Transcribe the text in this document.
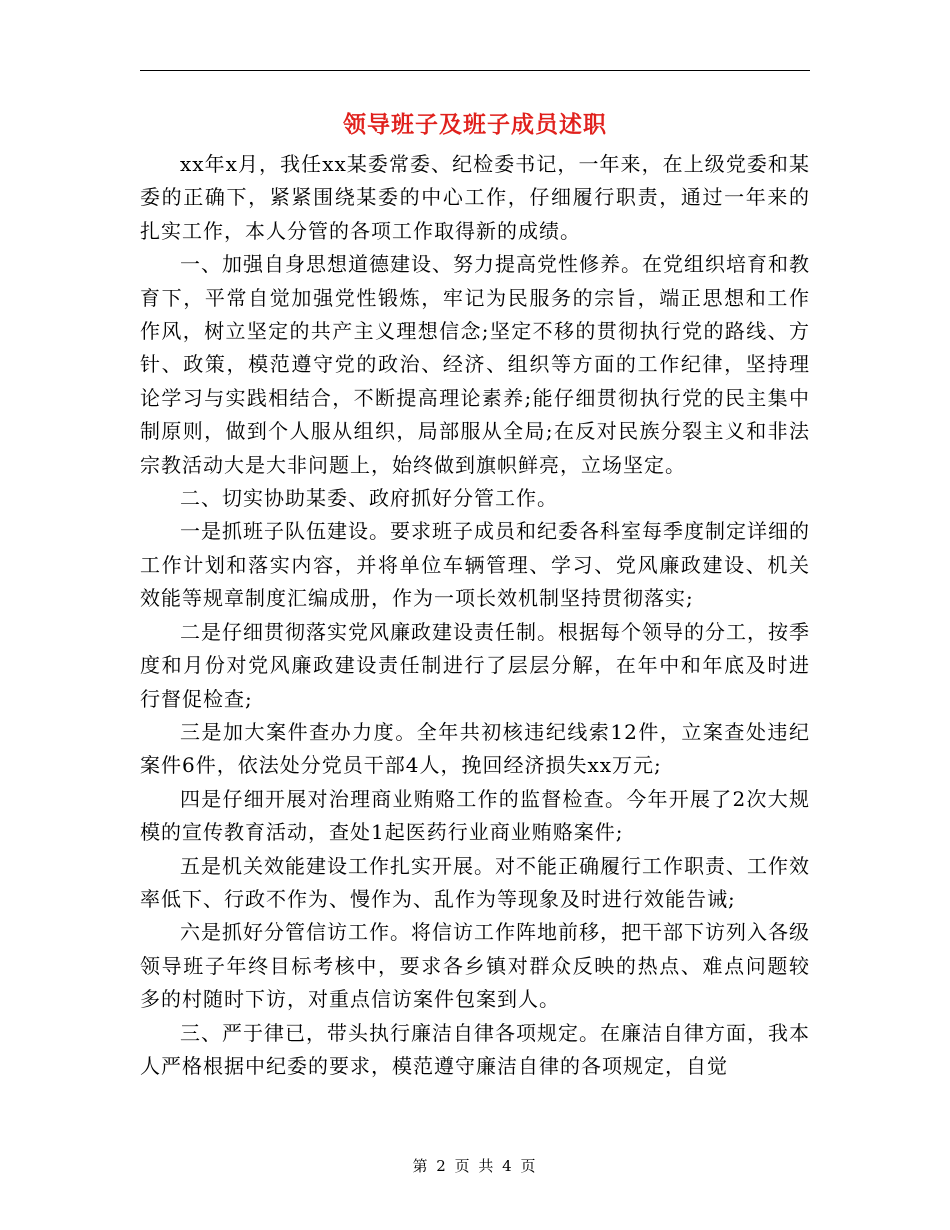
领导班子及班子成员述职

xx年x月，我任xx某委常委、纪检委书记，一年来，在上级党委和某委的正确下，紧紧围绕某委的中心工作，仔细履行职责，通过一年来的扎实工作，本人分管的各项工作取得新的成绩。

一、加强自身思想道德建设、努力提高党性修养。在党组织培育和教育下，平常自觉加强党性锻炼，牢记为民服务的宗旨，端正思想和工作作风，树立坚定的共产主义理想信念;坚定不移的贯彻执行党的路线、方针、政策，模范遵守党的政治、经济、组织等方面的工作纪律，坚持理论学习与实践相结合，不断提高理论素养;能仔细贯彻执行党的民主集中制原则，做到个人服从组织，局部服从全局;在反对民族分裂主义和非法宗教活动大是大非问题上，始终做到旗帜鲜亮，立场坚定。

二、切实协助某委、政府抓好分管工作。

一是抓班子队伍建设。要求班子成员和纪委各科室每季度制定详细的工作计划和落实内容，并将单位车辆管理、学习、党风廉政建设、机关效能等规章制度汇编成册，作为一项长效机制坚持贯彻落实;

二是仔细贯彻落实党风廉政建设责任制。根据每个领导的分工，按季度和月份对党风廉政建设责任制进行了层层分解，在年中和年底及时进行督促检查;

三是加大案件查办力度。全年共初核违纪线索12件，立案查处违纪案件6件，依法处分党员干部4人，挽回经济损失xx万元;

四是仔细开展对治理商业贿赂工作的监督检查。今年开展了2次大规模的宣传教育活动，查处1起医药行业商业贿赂案件;

五是机关效能建设工作扎实开展。对不能正确履行工作职责、工作效率低下、行政不作为、慢作为、乱作为等现象及时进行效能告诫;

六是抓好分管信访工作。将信访工作阵地前移，把干部下访列入各级领导班子年终目标考核中，要求各乡镇对群众反映的热点、难点问题较多的村随时下访，对重点信访案件包案到人。

三、严于律已，带头执行廉洁自律各项规定。在廉洁自律方面，我本人严格根据中纪委的要求，模范遵守廉洁自律的各项规定，自觉

第 2 页 共 4 页
